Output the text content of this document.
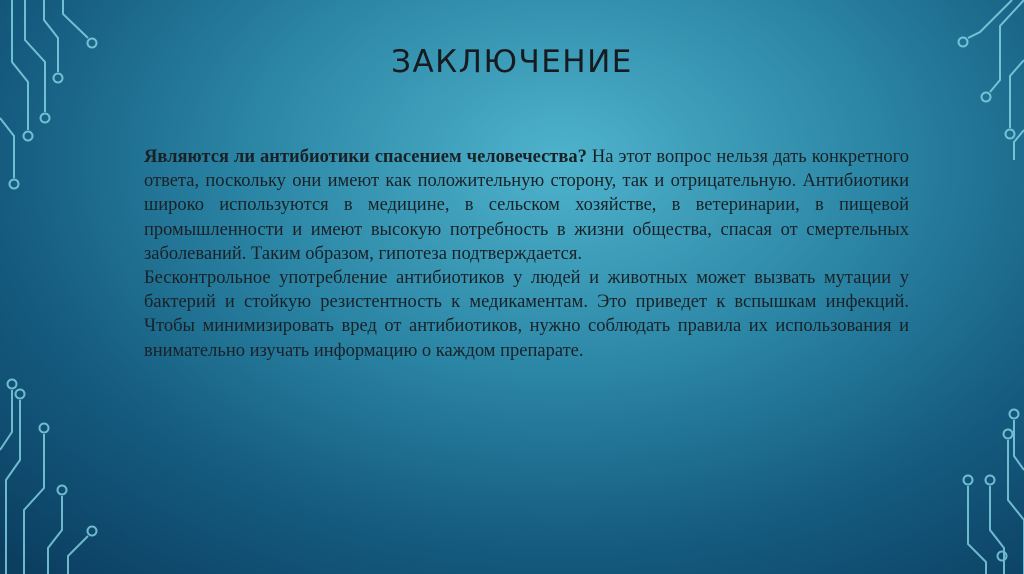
ЗАКЛЮЧЕНИЕ

Являются ли антибиотики спасением человечества? На этот вопрос нельзя дать конкретного ответа, поскольку они имеют как положительную сторону, так и отрицательную. Антибиотики широко используются в медицине, в сельском хозяйстве, в ветеринарии, в пищевой промышленности и имеют высокую потребность в жизни общества, спасая от смертельных заболеваний. Таким образом, гипотеза подтверждается.

Бесконтрольное употребление антибиотиков у людей и животных может вызвать мутации у бактерий и стойкую резистентность к медикаментам. Это приведет к вспышкам инфекций. Чтобы минимизировать вред от антибиотиков, нужно соблюдать правила их использования и внимательно изучать информацию о каждом препарате.
